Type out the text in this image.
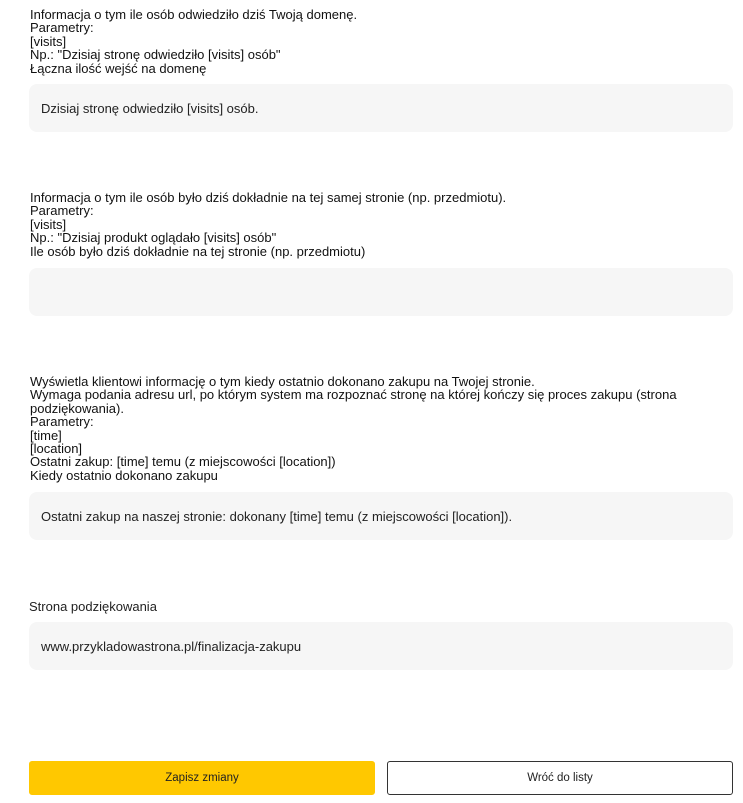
Informacja o tym ile osób odwiedziło dziś Twoją domenę.
Parametry:
[visits]
Np.: "Dzisiaj stronę odwiedziło [visits] osób"
Łączna ilość wejść na domenę
Dzisiaj stronę odwiedziło [visits] osób.
Informacja o tym ile osób było dziś dokładnie na tej samej stronie (np. przedmiotu).
Parametry:
[visits]
Np.: "Dzisiaj produkt oglądało [visits] osób"
Ile osób było dziś dokładnie na tej stronie (np. przedmiotu)
Wyświetla klientowi informację o tym kiedy ostatnio dokonano zakupu na Twojej stronie.
Wymaga podania adresu url, po którym system ma rozpoznać stronę na której kończy się proces zakupu (strona podziękowania).
Parametry:
[time]
[location]
Ostatni zakup: [time] temu (z miejscowości [location])
Kiedy ostatnio dokonano zakupu
Ostatni zakup na naszej stronie: dokonany [time] temu (z miejscowości [location]).
Strona podziękowania
www.przykladowastrona.pl/finalizacja-zakupu
Zapisz zmiany	Wróć do listy
